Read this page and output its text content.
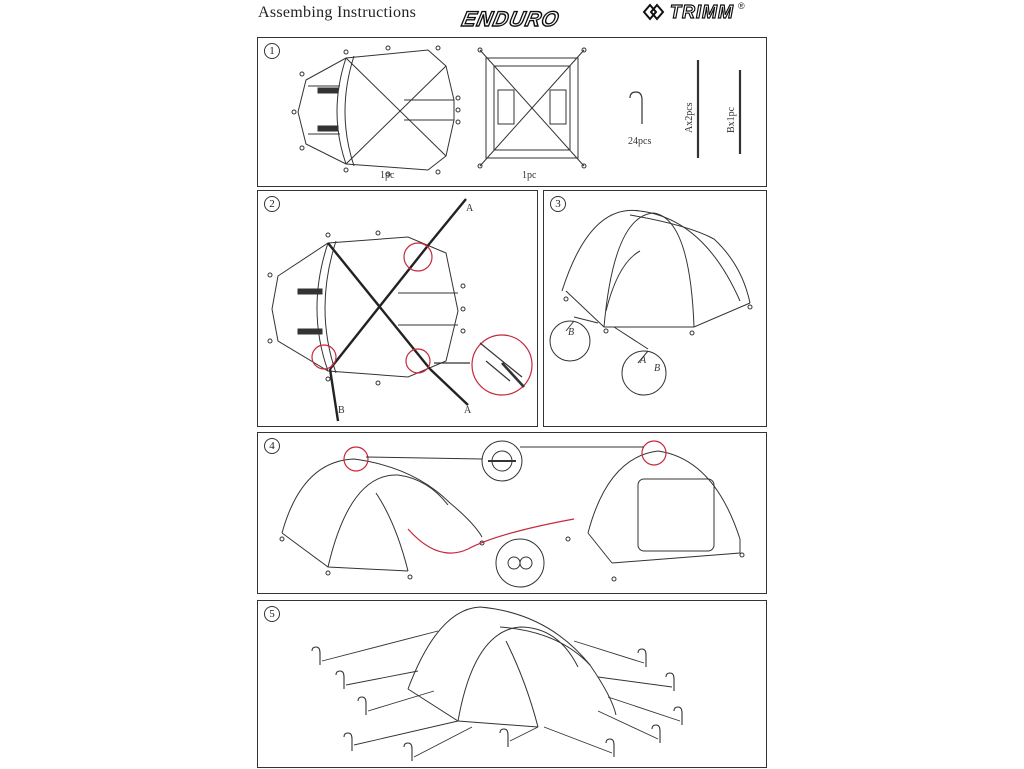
Assembing Instructions ENDURO	TRIMM ®
1
1pc	1pc
24pcs
Ax2pcs	Bx1pc
2	A
A
B
3
B
A
B
4
5
